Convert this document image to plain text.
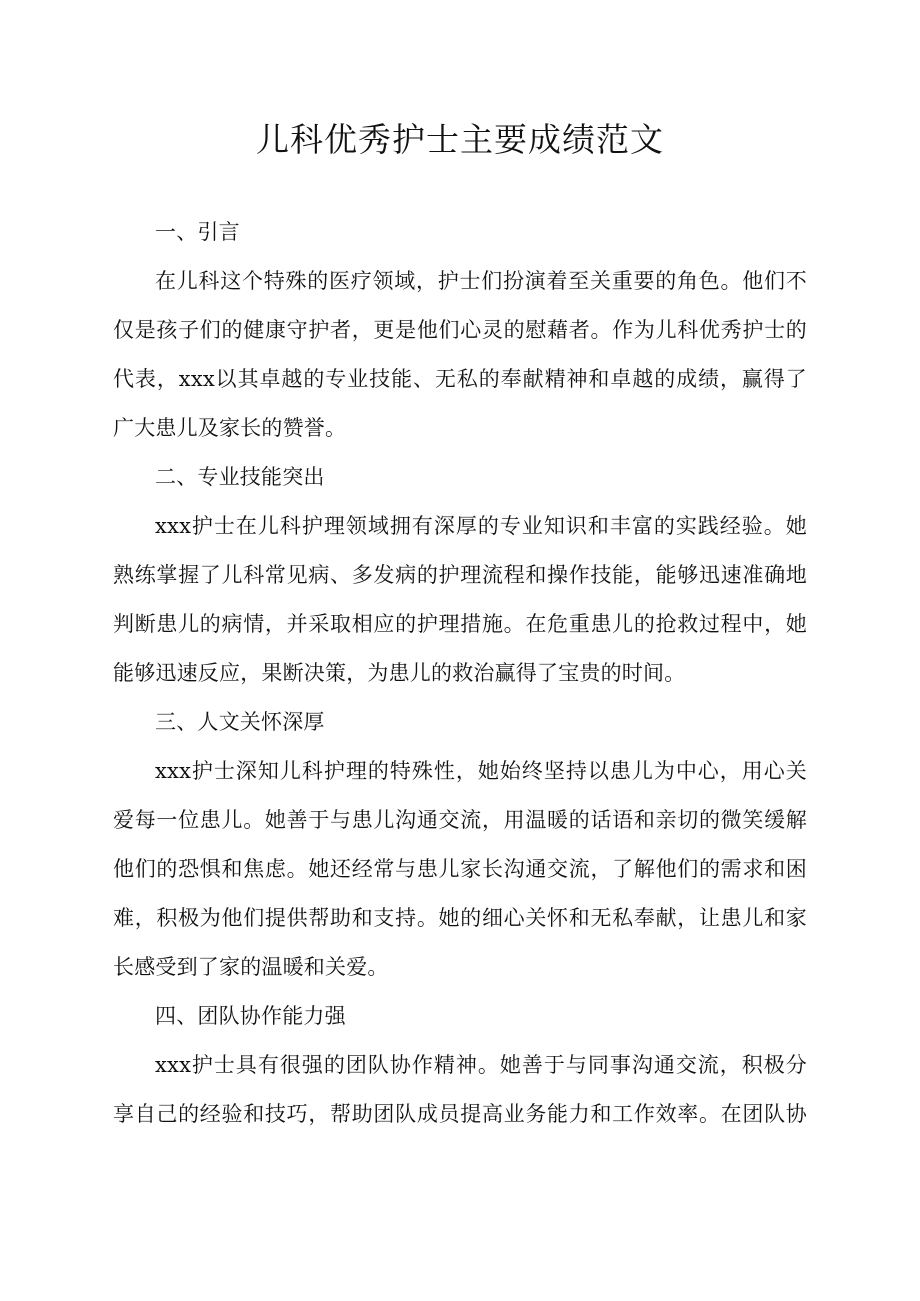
儿科优秀护士主要成绩范文
一、引言
在儿科这个特殊的医疗领域，护士们扮演着至关重要的角色。他们不
仅是孩子们的健康守护者，更是他们心灵的慰藉者。作为儿科优秀护士的
代表，xxx以其卓越的专业技能、无私的奉献精神和卓越的成绩，赢得了
广大患儿及家长的赞誉。
二、专业技能突出
xxx护士在儿科护理领域拥有深厚的专业知识和丰富的实践经验。她
熟练掌握了儿科常见病、多发病的护理流程和操作技能，能够迅速准确地
判断患儿的病情，并采取相应的护理措施。在危重患儿的抢救过程中，她
能够迅速反应，果断决策，为患儿的救治赢得了宝贵的时间。
三、人文关怀深厚
xxx护士深知儿科护理的特殊性，她始终坚持以患儿为中心，用心关
爱每一位患儿。她善于与患儿沟通交流，用温暖的话语和亲切的微笑缓解
他们的恐惧和焦虑。她还经常与患儿家长沟通交流，了解他们的需求和困
难，积极为他们提供帮助和支持。她的细心关怀和无私奉献，让患儿和家
长感受到了家的温暖和关爱。
四、团队协作能力强
xxx护士具有很强的团队协作精神。她善于与同事沟通交流，积极分
享自己的经验和技巧，帮助团队成员提高业务能力和工作效率。在团队协
